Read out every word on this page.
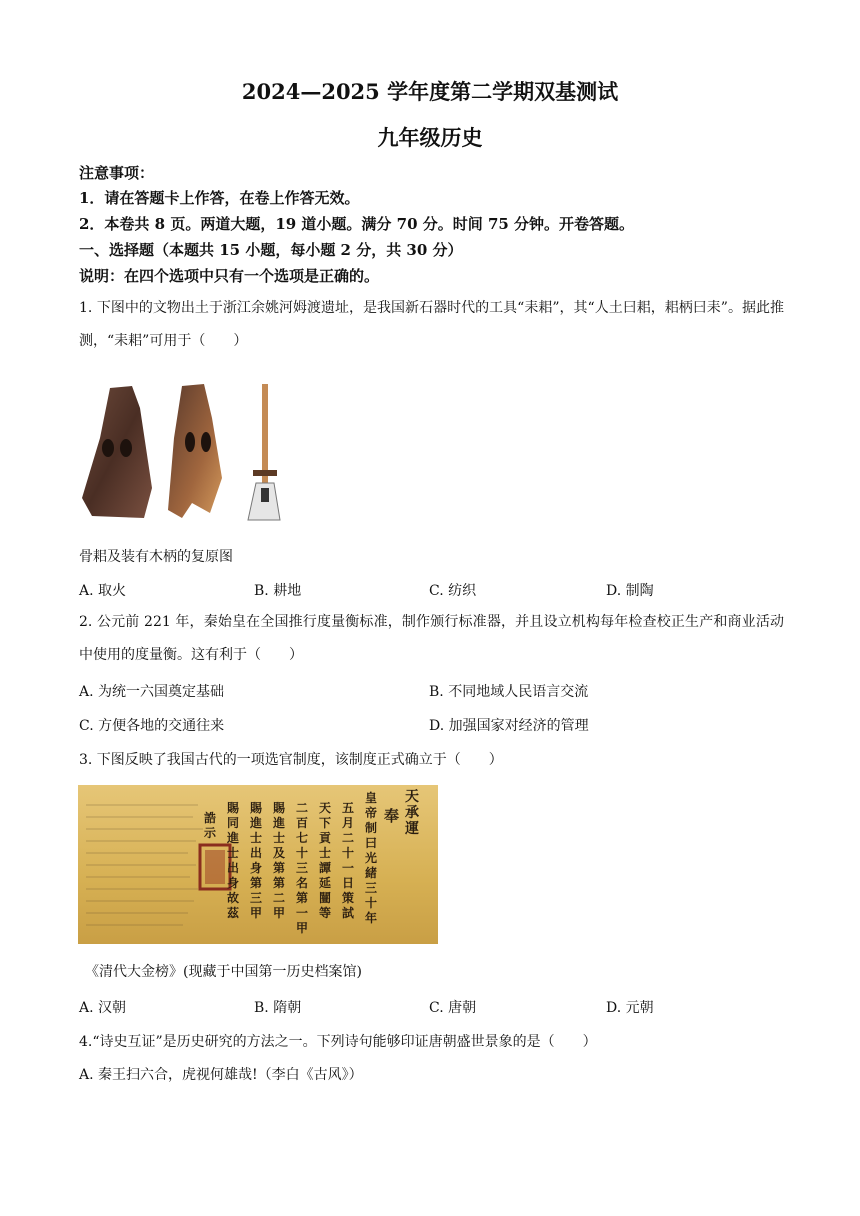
2024—2025 学年度第二学期双基测试
九年级历史
注意事项：
1．请在答题卡上作答，在卷上作答无效。
2．本卷共 8 页。两道大题，19 道小题。满分 70 分。时间 75 分钟。开卷答题。
一、选择题（本题共 15 小题，每小题 2 分，共 30 分）
说明：在四个选项中只有一个选项是正确的。
1. 下图中的文物出土于浙江余姚河姆渡遗址，是我国新石器时代的工具“耒耜”，其“人土曰耜，耜柄曰耒”。据此推测，“耒耜”可用于（　　）
骨耜及装有木柄的复原图
A. 取火	B. 耕地	C. 纺织	D. 制陶
2. 公元前 221 年，秦始皇在全国推行度量衡标准，制作颁行标准器，并且设立机构每年检查校正生产和商业活动中使用的度量衡。这有利于（　　）
A. 为统一六国奠定基础	B. 不同地域人民语言交流
C. 方便各地的交通往来	D. 加强国家对经济的管理
3. 下图反映了我国古代的一项选官制度，该制度正式确立于（　　）
奉
天承運
皇帝制曰光緒三十年
五月二十一日策試
天下貢士譚延闓等
二百七十三名第一甲
賜進士及第第二甲
賜進士出身第三甲
賜同進士出身故茲
誥示
《清代大金榜》(现藏于中国第一历史档案馆)
A. 汉朝	B. 隋朝	C. 唐朝	D. 元朝
4.“诗史互证”是历史研究的方法之一。下列诗句能够印证唐朝盛世景象的是（　　）
A. 秦王扫六合，虎视何雄哉!（李白《古风》）
